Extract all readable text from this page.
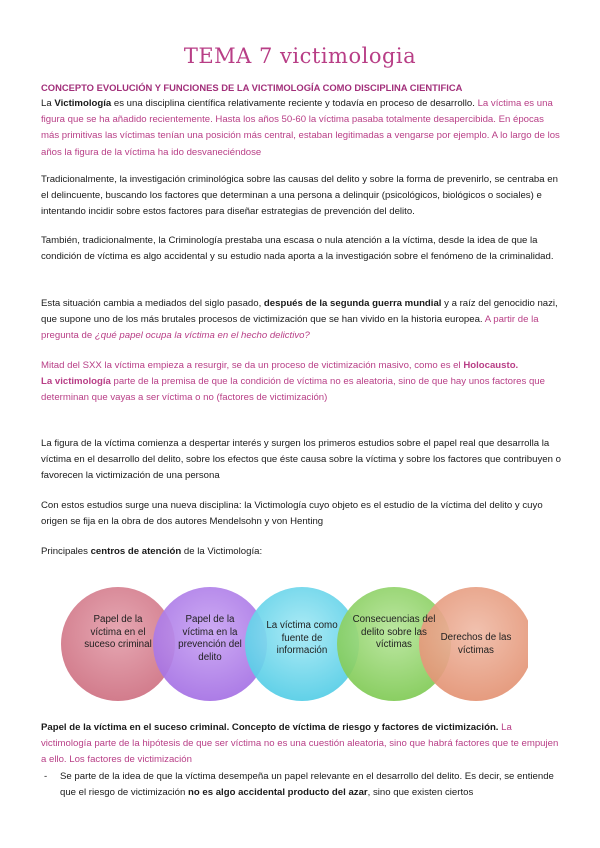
TEMA 7 victimologia
CONCEPTO EVOLUCIÓN Y FUNCIONES DE LA VICTIMOLOGÍA COMO DISCIPLINA CIENTIFICA

La Victimología es una disciplina científica relativamente reciente y todavía en proceso de desarrollo. La víctima es una figura que se ha añadido recientemente. Hasta los años 50-60 la víctima pasaba totalmente desapercibida. En épocas más primitivas las víctimas tenían una posición más central, estaban legitimadas a vengarse por ejemplo. A lo largo de los años la figura de la víctima ha ido desvaneciéndose

Tradicionalmente, la investigación criminológica sobre las causas del delito y sobre la forma de prevenirlo, se centraba en el delincuente, buscando los factores que determinan a una persona a delinquir (psicológicos, biológicos o sociales) e intentando incidir sobre estos factores para diseñar estrategias de prevención del delito.

También, tradicionalmente, la Criminología prestaba una escasa o nula atención a la víctima, desde la idea de que la condición de víctima es algo accidental y su estudio nada aporta a la investigación sobre el fenómeno de la criminalidad.

Esta situación cambia a mediados del siglo pasado, después de la segunda guerra mundial y a raíz del genocidio nazi, que supone uno de los más brutales procesos de victimización que se han vivido en la historia europea. A partir de la pregunta de ¿qué papel ocupa la víctima en el hecho delictivo?

Mitad del SXX la víctima empieza a resurgir, se da un proceso de victimización masivo, como es el Holocausto.
La victimología parte de la premisa de que la condición de víctima no es aleatoria, sino de que hay unos factores que determinan que vayas a ser víctima o no (factores de victimización)

La figura de la víctima comienza a despertar interés y surgen los primeros estudios sobre el papel real que desarrolla la víctima en el desarrollo del delito, sobre los efectos que éste causa sobre la víctima y sobre los factores que contribuyen o favorecen la victimización de una persona

Con estos estudios surge una nueva disciplina: la Victimología cuyo objeto es el estudio de la víctima del delito y cuyo origen se fija en la obra de dos autores Mendelsohn y von Henting

Principales centros de atención de la Victimología:

Papel de la víctima en el suceso criminal
Papel de la víctima en la prevención del delito
La víctima como fuente de información
Consecuencias del delito sobre las víctimas
Derechos de las víctimas

Papel de la víctima en el suceso criminal. Concepto de víctima de riesgo y factores de victimización. La victimología parte de la hipótesis de que ser víctima no es una cuestión aleatoria, sino que habrá factores que te empujen a ello. Los factores de victimización

- Se parte de la idea de que la víctima desempeña un papel relevante en el desarrollo del delito. Es decir, se entiende que el riesgo de victimización no es algo accidental producto del azar, sino que existen ciertos
